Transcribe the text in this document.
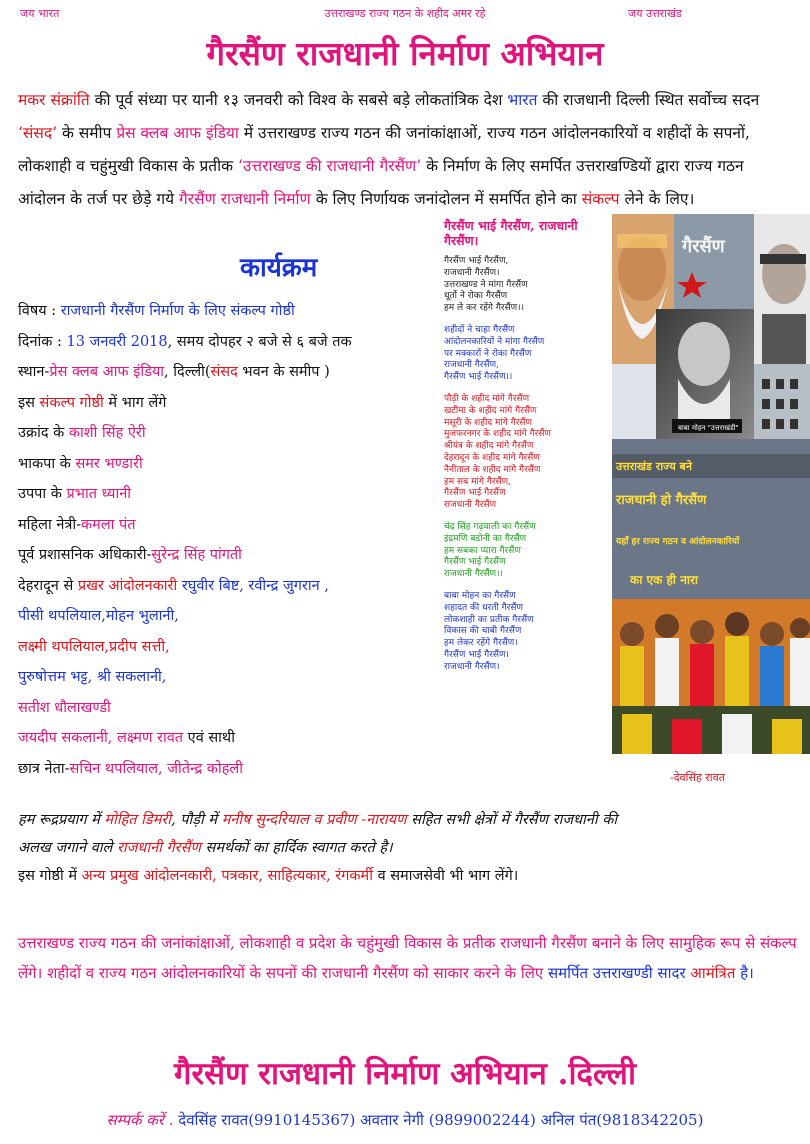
जय भारत	उत्तराखण्ड राज्य गठन के शहीद अमर रहे	जय उत्तराखंड
गैरसैंण राजधानी निर्माण अभियान
मकर संक्रांति की पूर्व संध्या पर यानी १३ जनवरी को विश्व के सबसे बड़े लोकतांत्रिक देश भारत की राजधानी दिल्ली स्थित सर्वोच्च सदन ‘संसद’ के समीप प्रेस क्लब आफ इंडिया में उत्तराखण्ड राज्य गठन की जनांकांक्षाओं, राज्य गठन आंदोलनकारियों व शहीदों के सपनों, लोकशाही व चहुंमुखी विकास के प्रतीक ‘उत्तराखण्ड की राजधानी गैरसैंण’ के निर्माण के लिए समर्पित उत्तराखण्डियों द्वारा राज्य गठन आंदोलन के तर्ज पर छेड़े गये गैरसैंण राजधानी निर्माण के लिए निर्णायक जनांदोलन में समर्पित होने का संकल्प लेने के लिए।
कार्यक्रम
विषय : राजधानी गैरसैंण निर्माण के लिए संकल्प गोष्ठी
दिनांक : 13 जनवरी 2018, समय दोपहर २ बजे से ६ बजे तक
स्थान-प्रेस क्लब आफ इंडिया, दिल्ली(संसद भवन के समीप )
इस संकल्प गोष्ठी में भाग लेंगे
उक्रांद के काशी सिंह ऐरी
भाकपा के समर भण्डारी
उपपा के प्रभात ध्यानी
महिला नेत्री-कमला पंत
पूर्व प्रशासनिक अधिकारी-सुरेन्द्र सिंह पांगती
देहरादून से प्रखर आंदोलनकारी रघुवीर बिष्ट, रवीन्द्र जुगरान ,
पीसी थपलियाल,मोहन भुलानी,
लक्ष्मी थपलियाल,प्रदीप सत्ती,
पुरुषोत्तम भट्ट, श्री सकलानी,
सतीश धौलाखण्डी
जयदीप सकलानी, लक्ष्मण रावत एवं साथी
छात्र नेता-सचिन थपलियाल, जीतेन्द्र कोहली
गैरसैंण भाई गैरसैंण, राजधानी गैरसैंण।
गैरसैंण भाई गैरसैंण,
राजधानी गैरसैंण।
उत्तराखण्ड ने मांगा गैरसैंण
धूर्तो ने रोका गैरसैंण
हम ले कर रहेंगे गैरसैंण।।
शहीदों ने चाहा गैरसैंण
आंदोलनकारियों ने मांगा गैरसैंण
पर मक्कारों ने रोका गैरसैंण
राजधानी गैरसैंण,
गैरसैंण भाई गैरसैंण।।
पौड़ी के शहीद मांगे गैरसैंण
खटीमा के शहीद मांगे गैरसैंण
मसूरी के शहीद मांगे गैरसैंण
मुजफरनगर के शहीद मांगे गैरसैंण
श्रीयंत्र के शहीद मांगे गैरसैंण
देहरादून के शहीद मांगे गैरसैंण
नैनीताल के शहीद मांगे गैरसैंण
हम सब मांगे गैरसैंण,
गैरसैंण भाई गैरसैंण
राजधानी गैरसैंण
चंद्र सिंह गढ़वाली का गैरसैंण
इंद्रमणि बडोनी का गैरसैंण
हम सबका प्यारा गैरसैंण
गैरसैंण भाई गैरसैंण
राजधानी गैरसैंण।।
बाबा मोहन का गैरसैंण
शहादत की धरती गैरसैंण
लोकशाही का प्रतीक गैरसैंण
विकास की चाबी गैरसैंण
हम लेकर रहेंगे गैरसैंण।
गैरसैंण भाई गैरसैंण।
राजधानी गैरसैंण।
गैरसैंण
बाबा मोहन "उत्तराखंडी"
उत्तराखंड राज्य बने
राजधानी हो गैरसैंण
यहाँ हर राज्य गठन व आंदोलनकारियों
का एक ही नारा
-देवसिंह रावत
हम रूद्रप्रयाग में मोहित डिमरी, पौड़ी में मनीष सुन्दरियाल व प्रवीण -नारायण सहित सभी क्षेत्रों में गैरसैंण राजधानी की
अलख जगाने वाले राजधानी गैरसैंण समर्थकों का हार्दिक स्वागत करते है।
इस गोष्ठी में अन्य प्रमुख आंदोलनकारी, पत्रकार, साहित्यकार, रंगकर्मी व समाजसेवी भी भाग लेंगे।
उत्तराखण्ड राज्य गठन की जनांकांक्षाओं, लोकशाही व प्रदेश के चहुंमुखी विकास के प्रतीक राजधानी गैरसैंण बनाने के लिए सामुहिक रूप से संकल्प लेंगे। शहीदों व राज्य गठन आंदोलनकारियों के सपनों की राजधानी गैरसैंण को साकार करने के लिए समर्पित उत्तराखण्डी सादर आमंत्रित है।
गैरसैंण राजधानी निर्माण अभियान .दिल्ली
सम्पर्क करें . देवसिंह रावत(9910145367) अवतार नेगी (9899002244) अनिल पंत(9818342205)
